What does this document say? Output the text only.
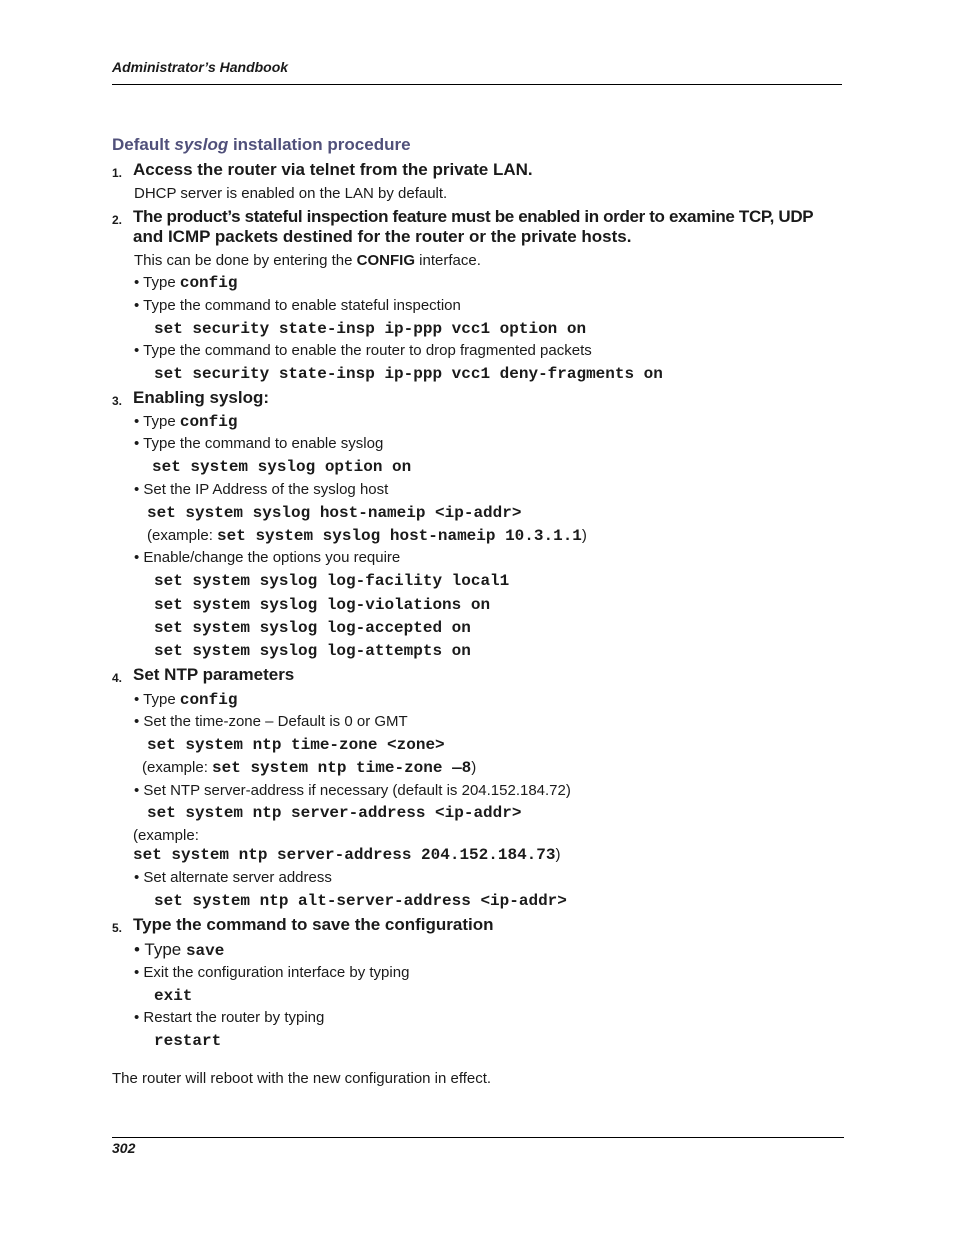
Administrator’s Handbook
Default syslog installation procedure
1. Access the router via telnet from the private LAN.
DHCP server is enabled on the LAN by default.
2. The product’s stateful inspection feature must be enabled in order to examine TCP, UDP
and ICMP packets destined for the router or the private hosts.
This can be done by entering the CONFIG interface.
• Type config
• Type the command to enable stateful inspection
set security state-insp ip-ppp vcc1 option on
• Type the command to enable the router to drop fragmented packets
set security state-insp ip-ppp vcc1 deny-fragments on
3. Enabling syslog:
• Type config
• Type the command to enable syslog
set system syslog option on
• Set the IP Address of the syslog host
set system syslog host-nameip <ip-addr>
(example: set system syslog host-nameip 10.3.1.1)
• Enable/change the options you require
set system syslog log-facility local1
set system syslog log-violations on
set system syslog log-accepted on
set system syslog log-attempts on
4. Set NTP parameters
• Type config
• Set the time-zone – Default is 0 or GMT
set system ntp time-zone <zone>
(example: set system ntp time-zone —8)
• Set NTP server-address if necessary (default is 204.152.184.72)
set system ntp server-address <ip-addr>
(example:
set system ntp server-address 204.152.184.73)
• Set alternate server address
set system ntp alt-server-address <ip-addr>
5. Type the command to save the configuration
• Type save
• Exit the configuration interface by typing
exit
• Restart the router by typing
restart
The router will reboot with the new configuration in effect.
302
